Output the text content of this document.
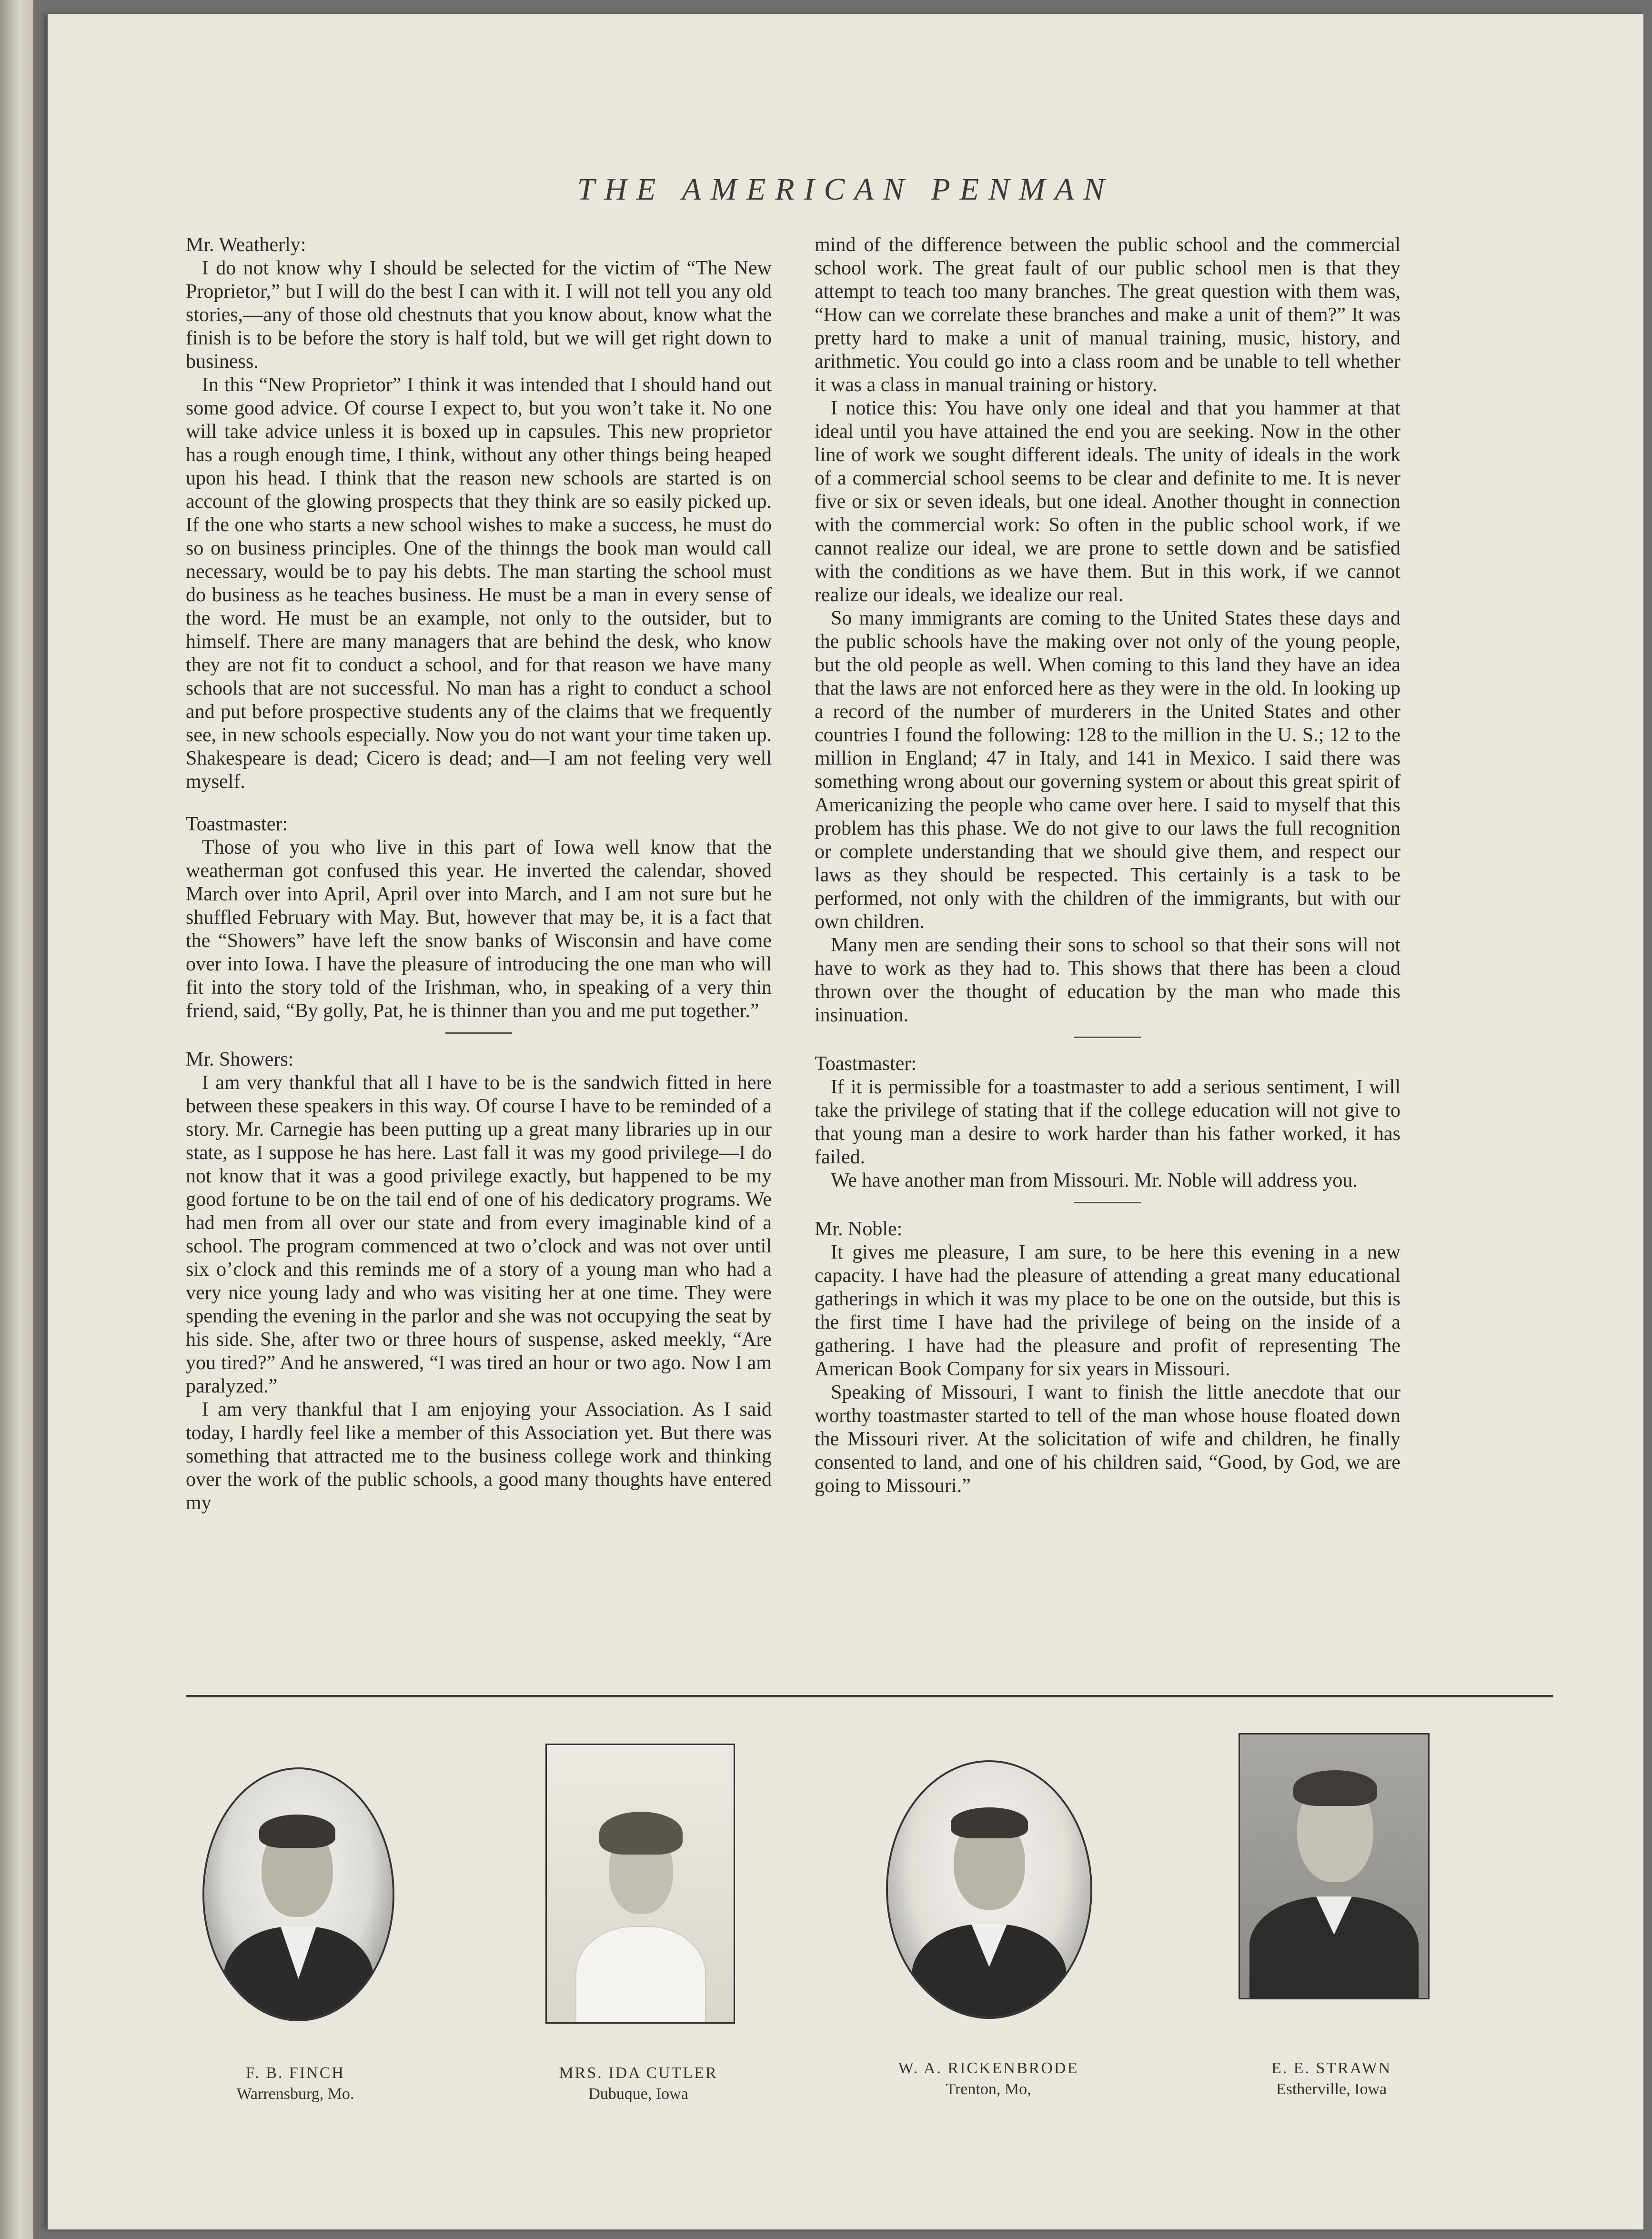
THE AMERICAN PENMAN

Mr. Weatherly:

I do not know why I should be selected for the victim of “The New Proprietor,” but I will do the best I can with it. I will not tell you any old stories,—any of those old chestnuts that you know about, know what the finish is to be before the story is half told, but we will get right down to business.

In this “New Proprietor” I think it was intended that I should hand out some good advice. Of course I expect to, but you won’t take it. No one will take advice unless it is boxed up in capsules. This new proprietor has a rough enough time, I think, without any other things being heaped upon his head. I think that the reason new schools are started is on account of the glowing prospects that they think are so easily picked up. If the one who starts a new school wishes to make a success, he must do so on business principles. One of the thinngs the book man would call necessary, would be to pay his debts. The man starting the school must do business as he teaches business. He must be a man in every sense of the word. He must be an example, not only to the outsider, but to himself. There are many managers that are behind the desk, who know they are not fit to conduct a school, and for that reason we have many schools that are not successful. No man has a right to conduct a school and put before prospective students any of the claims that we frequently see, in new schools especially. Now you do not want your time taken up. Shakespeare is dead; Cicero is dead; and—I am not feeling very well myself.

Toastmaster:

Those of you who live in this part of Iowa well know that the weatherman got confused this year. He inverted the calendar, shoved March over into April, April over into March, and I am not sure but he shuffled February with May. But, however that may be, it is a fact that the “Showers” have left the snow banks of Wisconsin and have come over into Iowa. I have the pleasure of introducing the one man who will fit into the story told of the Irishman, who, in speaking of a very thin friend, said, “By golly, Pat, he is thinner than you and me put together.”

Mr. Showers:

I am very thankful that all I have to be is the sandwich fitted in here between these speakers in this way. Of course I have to be reminded of a story. Mr. Carnegie has been putting up a great many libraries up in our state, as I suppose he has here. Last fall it was my good privilege—I do not know that it was a good privilege exactly, but happened to be my good fortune to be on the tail end of one of his dedicatory programs. We had men from all over our state and from every imaginable kind of a school. The program commenced at two o’clock and was not over until six o’clock and this reminds me of a story of a young man who had a very nice young lady and who was visiting her at one time. They were spending the evening in the parlor and she was not occupying the seat by his side. She, after two or three hours of suspense, asked meekly, “Are you tired?” And he answered, “I was tired an hour or two ago. Now I am paralyzed.”

I am very thankful that I am enjoying your Association. As I said today, I hardly feel like a member of this Association yet. But there was something that attracted me to the business college work and thinking over the work of the public schools, a good many thoughts have entered my

mind of the difference between the public school and the commercial school work. The great fault of our public school men is that they attempt to teach too many branches. The great question with them was, “How can we correlate these branches and make a unit of them?” It was pretty hard to make a unit of manual training, music, history, and arithmetic. You could go into a class room and be unable to tell whether it was a class in manual training or history.

I notice this: You have only one ideal and that you hammer at that ideal until you have attained the end you are seeking. Now in the other line of work we sought different ideals. The unity of ideals in the work of a commercial school seems to be clear and definite to me. It is never five or six or seven ideals, but one ideal. Another thought in connection with the commercial work: So often in the public school work, if we cannot realize our ideal, we are prone to settle down and be satisfied with the conditions as we have them. But in this work, if we cannot realize our ideals, we idealize our real.

So many immigrants are coming to the United States these days and the public schools have the making over not only of the young people, but the old people as well. When coming to this land they have an idea that the laws are not enforced here as they were in the old. In looking up a record of the number of murderers in the United States and other countries I found the following: 128 to the million in the U. S.; 12 to the million in England; 47 in Italy, and 141 in Mexico. I said there was something wrong about our governing system or about this great spirit of Americanizing the people who came over here. I said to myself that this problem has this phase. We do not give to our laws the full recognition or complete understanding that we should give them, and respect our laws as they should be respected. This certainly is a task to be performed, not only with the children of the immigrants, but with our own children.

Many men are sending their sons to school so that their sons will not have to work as they had to. This shows that there has been a cloud thrown over the thought of education by the man who made this insinuation.

Toastmaster:

If it is permissible for a toastmaster to add a serious sentiment, I will take the privilege of stating that if the college education will not give to that young man a desire to work harder than his father worked, it has failed.

We have another man from Missouri. Mr. Noble will address you.

Mr. Noble:

It gives me pleasure, I am sure, to be here this evening in a new capacity. I have had the pleasure of attending a great many educational gatherings in which it was my place to be one on the outside, but this is the first time I have had the privilege of being on the inside of a gathering. I have had the pleasure and profit of representing The American Book Company for six years in Missouri.

Speaking of Missouri, I want to finish the little anecdote that our worthy toastmaster started to tell of the man whose house floated down the Missouri river. At the solicitation of wife and children, he finally consented to land, and one of his children said, “Good, by God, we are going to Missouri.”

F. B. FINCH
Warrensburg, Mo.
MRS. IDA CUTLER
Dubuque, Iowa
W. A. RICKENBRODE
Trenton, Mo,
E. E. STRAWN
Estherville, Iowa
